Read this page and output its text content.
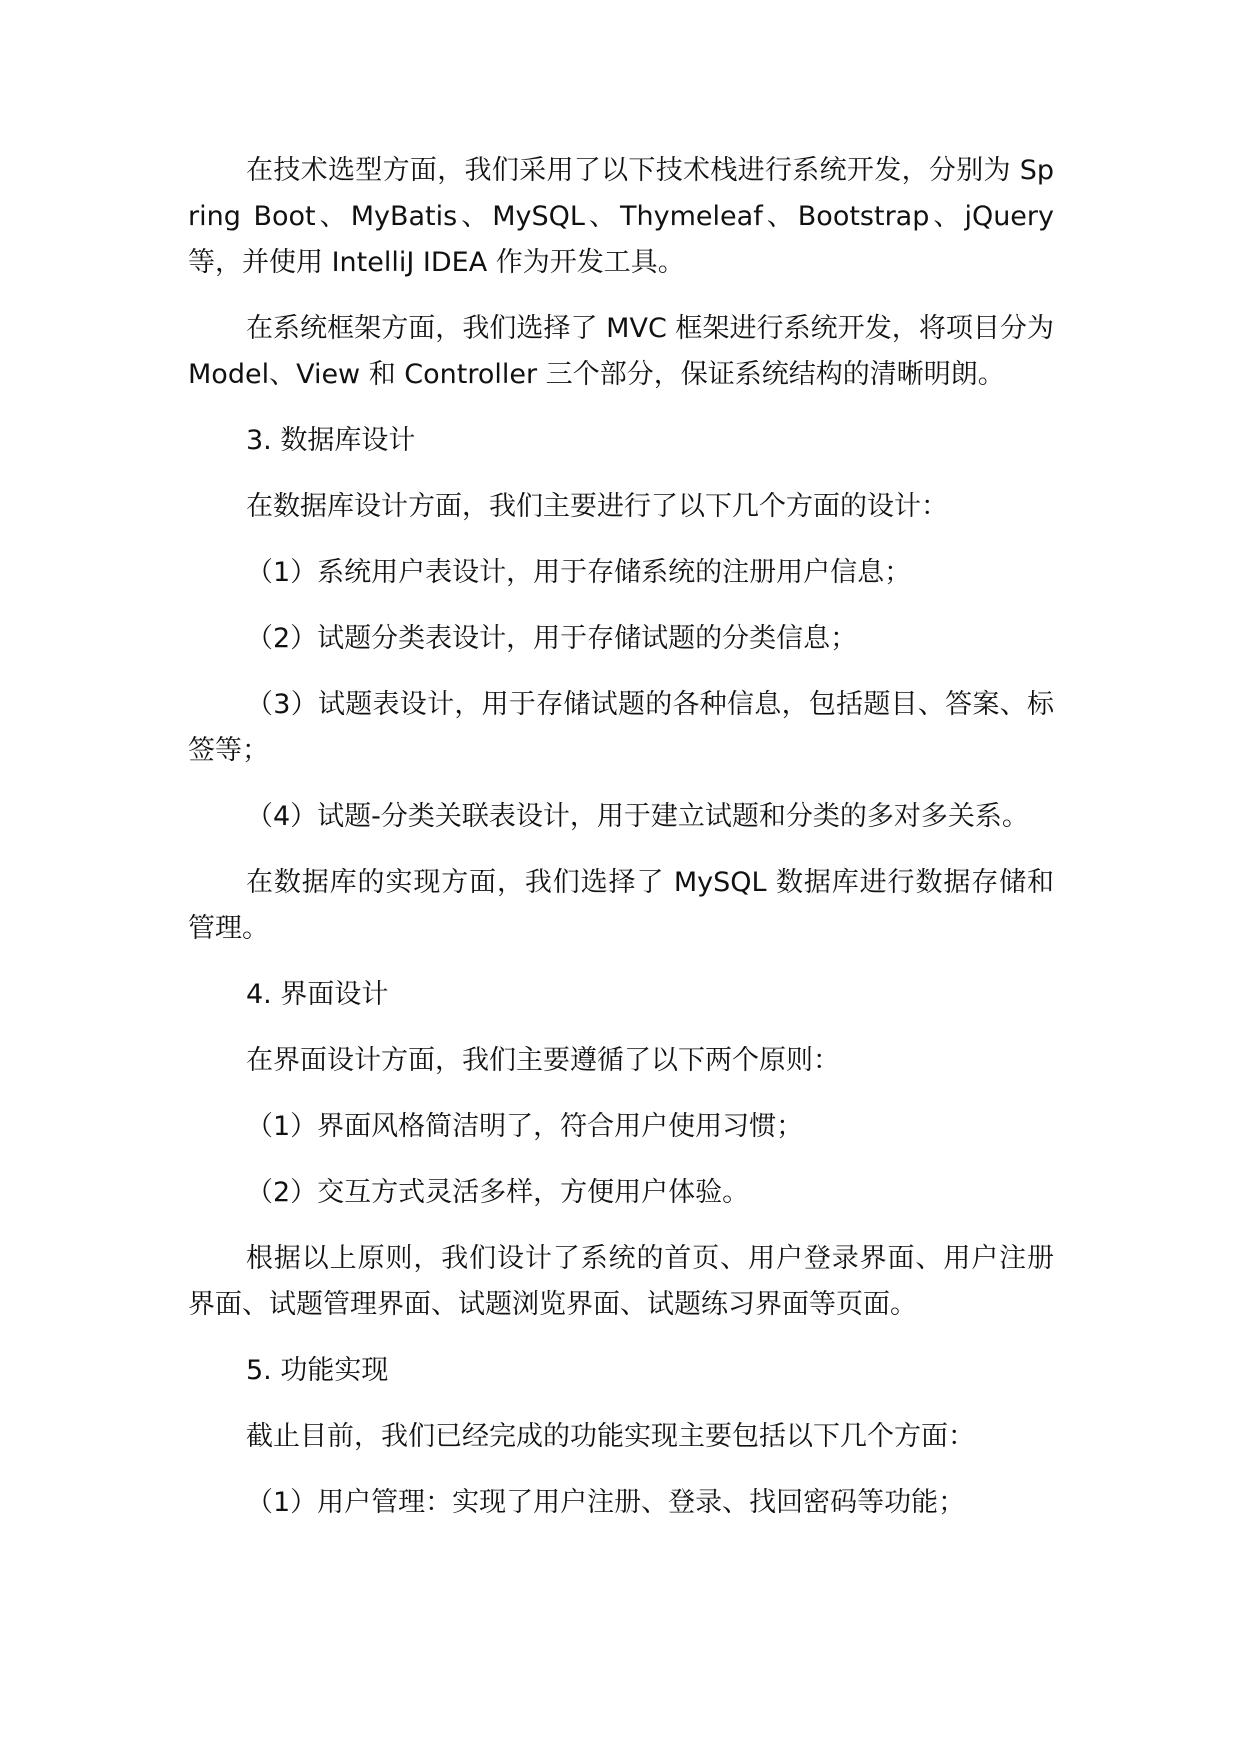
在技术选型方面，我们采用了以下技术栈进行系统开发，分别为 Spring Boot、MyBatis、MySQL、Thymeleaf、Bootstrap、jQuery 等，并使用 IntelliJ IDEA 作为开发工具。

在系统框架方面，我们选择了 MVC 框架进行系统开发，将项目分为 Model、View 和 Controller 三个部分，保证系统结构的清晰明朗。

3. 数据库设计

在数据库设计方面，我们主要进行了以下几个方面的设计：

（1）系统用户表设计，用于存储系统的注册用户信息；

（2）试题分类表设计，用于存储试题的分类信息；

（3）试题表设计，用于存储试题的各种信息，包括题目、答案、标签等；

（4）试题-分类关联表设计，用于建立试题和分类的多对多关系。

在数据库的实现方面，我们选择了 MySQL 数据库进行数据存储和管理。

4. 界面设计

在界面设计方面，我们主要遵循了以下两个原则：

（1）界面风格简洁明了，符合用户使用习惯；

（2）交互方式灵活多样，方便用户体验。

根据以上原则，我们设计了系统的首页、用户登录界面、用户注册界面、试题管理界面、试题浏览界面、试题练习界面等页面。

5. 功能实现

截止目前，我们已经完成的功能实现主要包括以下几个方面：

（1）用户管理：实现了用户注册、登录、找回密码等功能；
